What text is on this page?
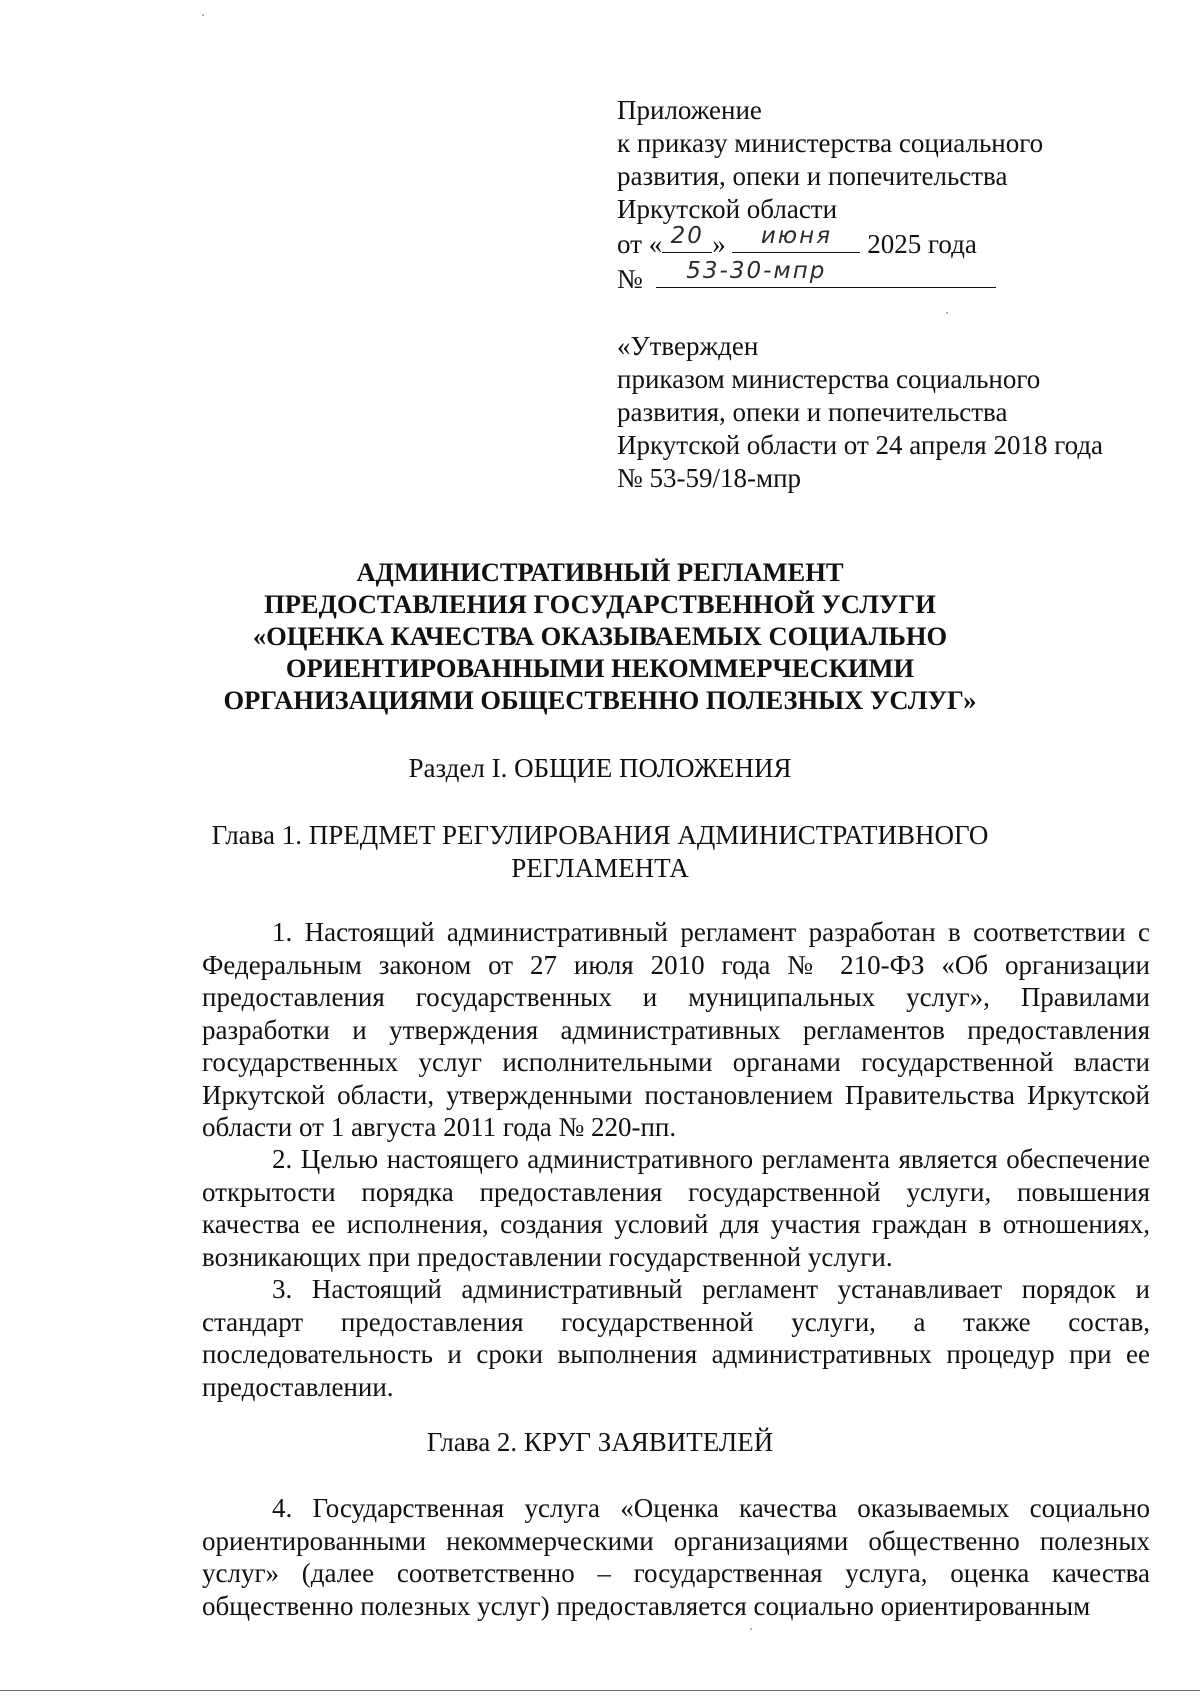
Приложение
к приказу министерства социального
развития, опеки и попечительства
Иркутской области
от « 20 »	июня	2025 года
№	53-30-мпр
«Утвержден
приказом министерства социального
развития, опеки и попечительства
Иркутской области от 24 апреля 2018 года
№ 53-59/18-мпр
АДМИНИСТРАТИВНЫЙ РЕГЛАМЕНТ
ПРЕДОСТАВЛЕНИЯ ГОСУДАРСТВЕННОЙ УСЛУГИ
«ОЦЕНКА КАЧЕСТВА ОКАЗЫВАЕМЫХ СОЦИАЛЬНО
ОРИЕНТИРОВАННЫМИ НЕКОММЕРЧЕСКИМИ
ОРГАНИЗАЦИЯМИ ОБЩЕСТВЕННО ПОЛЕЗНЫХ УСЛУГ»
Раздел I. ОБЩИЕ ПОЛОЖЕНИЯ
Глава 1. ПРЕДМЕТ РЕГУЛИРОВАНИЯ АДМИНИСТРАТИВНОГО
РЕГЛАМЕНТА

1. Настоящий административный регламент разработан в соответствии с Федеральным законом от 27 июля 2010 года № 210-ФЗ «Об организации предоставления государственных и муниципальных услуг», Правилами разработки и утверждения административных регламентов предоставления государственных услуг исполнительными органами государственной власти Иркутской области, утвержденными постановлением Правительства Иркутской области от 1 августа 2011 года № 220-пп.

2. Целью настоящего административного регламента является обеспечение открытости порядка предоставления государственной услуги, повышения качества ее исполнения, создания условий для участия граждан в отношениях, возникающих при предоставлении государственной услуги.

3. Настоящий административный регламент устанавливает порядок и стандарт предоставления государственной услуги, а также состав, последовательность и сроки выполнения административных процедур при ее предоставлении.

Глава 2. КРУГ ЗАЯВИТЕЛЕЙ

4. Государственная услуга «Оценка качества оказываемых социально ориентированными некоммерческими организациями общественно полезных услуг» (далее соответственно – государственная услуга, оценка качества общественно полезных услуг) предоставляется социально ориентированным
